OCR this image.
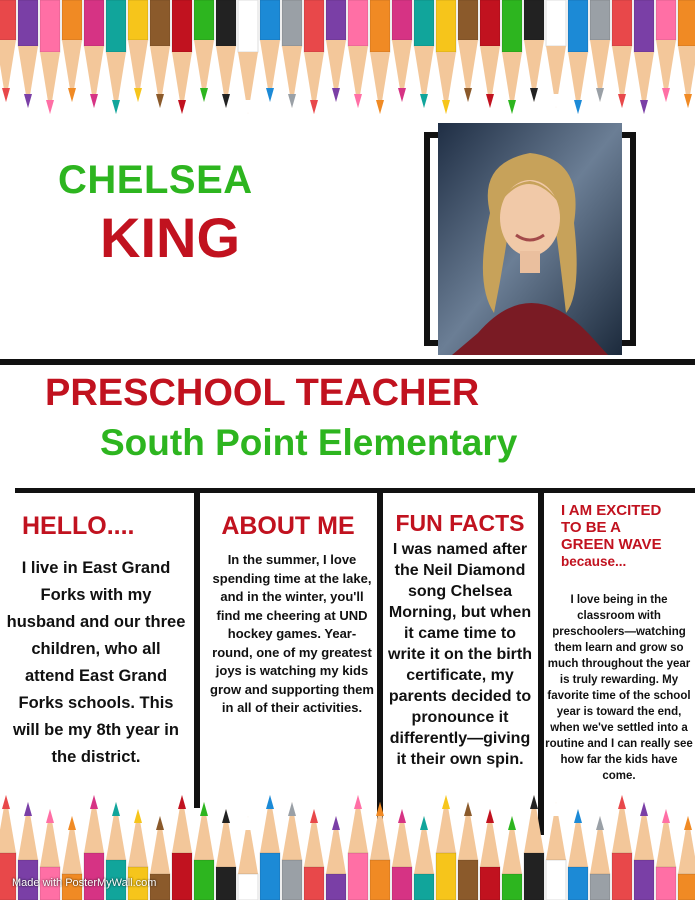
CHELSEA
KING
PRESCHOOL TEACHER
South Point Elementary
HELLO....

I live in East Grand Forks with my husband and our three children, who all attend East Grand Forks schools. This will be my 8th year in the district.

ABOUT ME

In the summer, I love spending time at the lake, and in the winter, you'll find me cheering at UND hockey games. Year-round, one of my greatest joys is watching my kids grow and supporting them in all of their activities.

FUN FACTS

I was named after the Neil Diamond song Chelsea Morning, but when it came time to write it on the birth certificate, my parents decided to pronounce it differently—giving it their own spin.

I AM EXCITED
TO BE A
GREEN WAVE
because...

I love being in the classroom with preschoolers—watching them learn and grow so much throughout the year is truly rewarding. My favorite time of the school year is toward the end, when we've settled into a routine and I can really see how far the kids have come.

Made with PosterMyWall.com
